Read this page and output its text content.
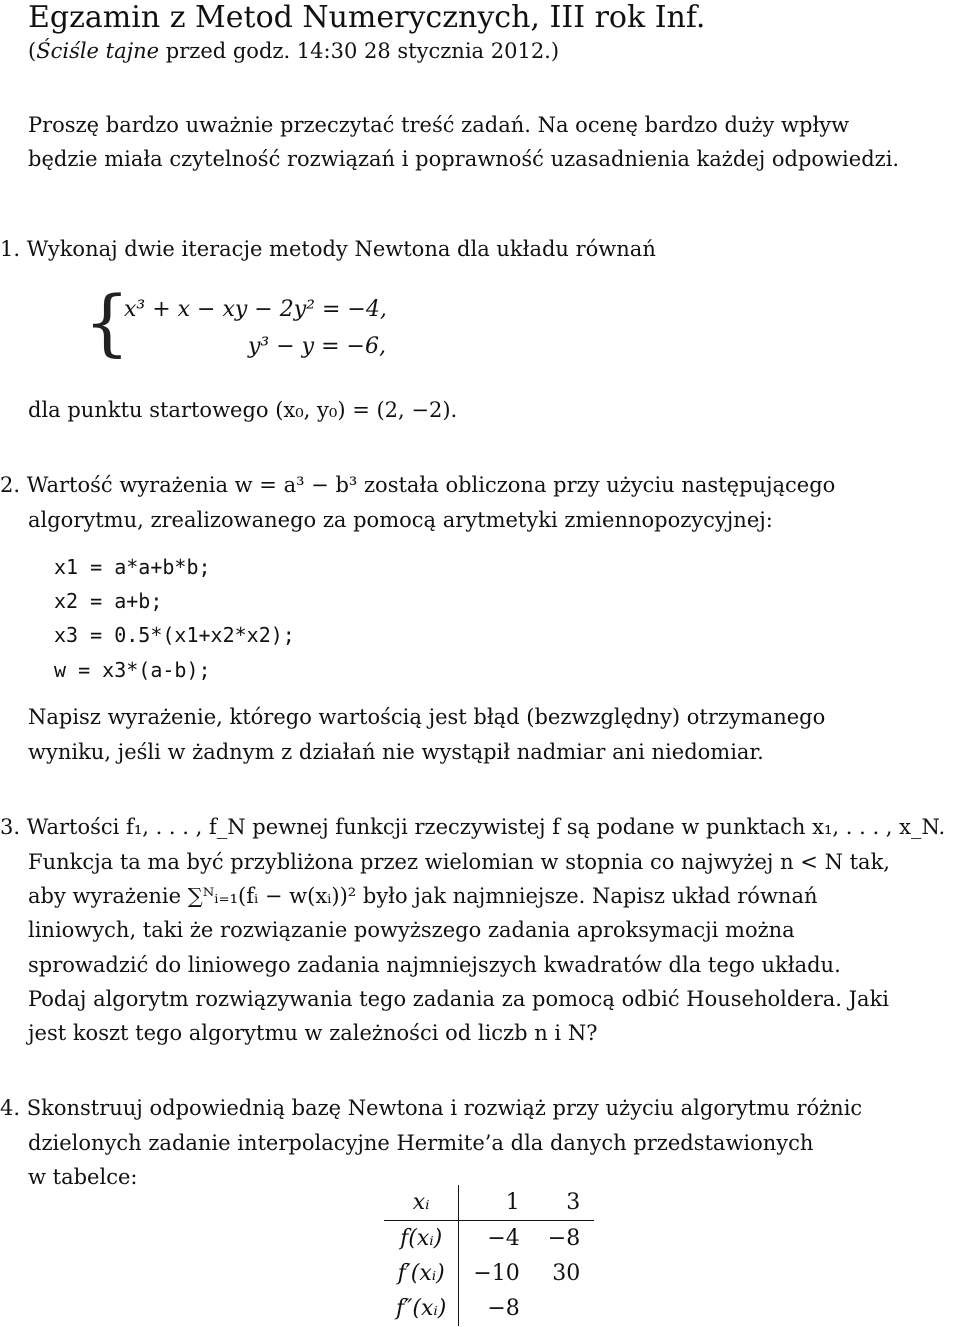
Egzamin z Metod Numerycznych, III rok Inf.
(Ściśle tajne przed godz. 14:30 28 stycznia 2012.)
Proszę bardzo uważnie przeczytać treść zadań. Na ocenę bardzo duży wpływ
będzie miała czytelność rozwiązań i poprawność uzasadnienia każdej odpowiedzi.
1. Wykonaj dwie iteracje metody Newtona dla układu równań
{
x³ + x − xy − 2y² = −4,
y³ − y = −6,
dla punktu startowego (x₀, y₀) = (2, −2).
2. Wartość wyrażenia w = a³ − b³ została obliczona przy użyciu następującego
algorytmu, zrealizowanego za pomocą arytmetyki zmiennopozycyjnej:
x1 = a*a+b*b;
x2 = a+b;
x3 = 0.5*(x1+x2*x2);
w = x3*(a-b);
Napisz wyrażenie, którego wartością jest błąd (bezwzględny) otrzymanego
wyniku, jeśli w żadnym z działań nie wystąpił nadmiar ani niedomiar.
3. Wartości f₁, . . . , f_N pewnej funkcji rzeczywistej f są podane w punktach x₁, . . . , x_N.
Funkcja ta ma być przybliżona przez wielomian w stopnia co najwyżej n < N tak,
aby wyrażenie ∑ᴺᵢ₌₁(fᵢ − w(xᵢ))² było jak najmniejsze. Napisz układ równań
liniowych, taki że rozwiązanie powyższego zadania aproksymacji można
sprowadzić do liniowego zadania najmniejszych kwadratów dla tego układu.
Podaj algorytm rozwiązywania tego zadania za pomocą odbić Householdera. Jaki
jest koszt tego algorytmu w zależności od liczb n i N?
4. Skonstruuj odpowiednią bazę Newtona i rozwiąż przy użyciu algorytmu różnic
dzielonych zadanie interpolacyjne Hermite’a dla danych przedstawionych
w tabelce:
xᵢ	1	3
f(xᵢ)	−4	−8
f′(xᵢ)	−10	30
f″(xᵢ)	−8	
